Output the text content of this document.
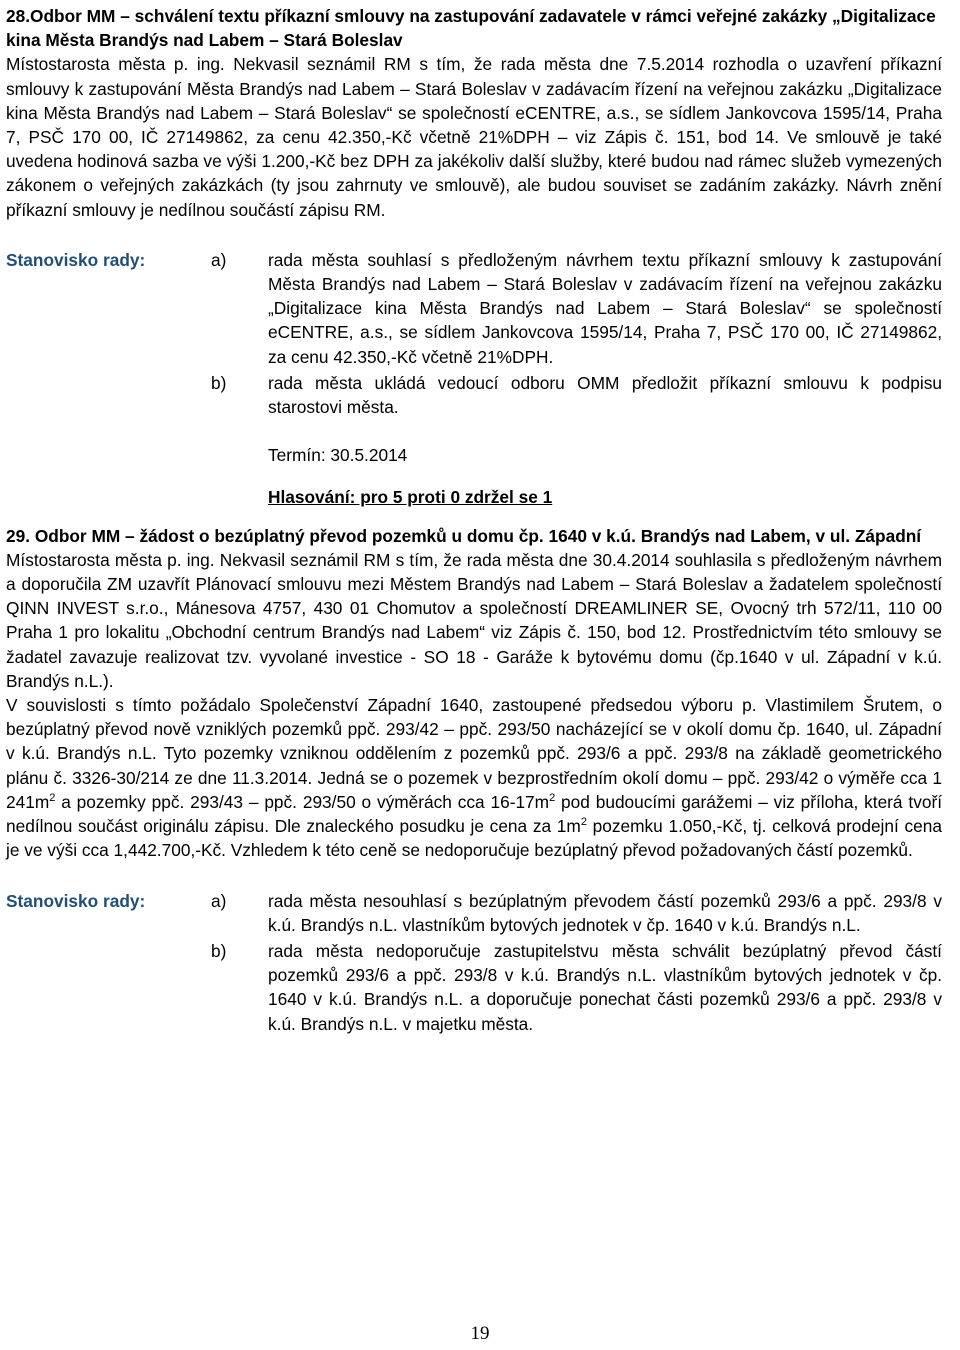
28.Odbor MM – schválení textu příkazní smlouvy na zastupování zadavatele v rámci veřejné zakázky „Digitalizace kina Města Brandýs nad Labem – Stará Boleslav

Místostarosta města p. ing. Nekvasil seznámil RM s tím, že rada města dne 7.5.2014 rozhodla o uzavření příkazní smlouvy k zastupování Města Brandýs nad Labem – Stará Boleslav v zadávacím řízení na veřejnou zakázku „Digitalizace kina Města Brandýs nad Labem – Stará Boleslav“ se společností eCENTRE, a.s., se sídlem Jankovcova 1595/14, Praha 7, PSČ 170 00, IČ 27149862, za cenu 42.350,-Kč včetně 21%DPH – viz Zápis č. 151, bod 14. Ve smlouvě je také uvedena hodinová sazba ve výši 1.200,-Kč bez DPH za jakékoliv další služby, které budou nad rámec služeb vymezených zákonem o veřejných zakázkách (ty jsou zahrnuty ve smlouvě), ale budou souviset se zadáním zakázky. Návrh znění příkazní smlouvy je nedílnou součástí zápisu RM.

Stanovisko rady:	a)	rada města souhlasí s předloženým návrhem textu příkazní smlouvy k zastupování Města Brandýs nad Labem – Stará Boleslav v zadávacím řízení na veřejnou zakázku „Digitalizace kina Města Brandýs nad Labem – Stará Boleslav“ se společností eCENTRE, a.s., se sídlem Jankovcova 1595/14, Praha 7, PSČ 170 00, IČ 27149862, za cenu 42.350,-Kč včetně 21%DPH.
b)	rada města ukládá vedoucí odboru OMM předložit příkazní smlouvu k podpisu starostovi města.
Termín: 30.5.2014
Hlasování: pro 5 proti 0 zdržel se 1

29. Odbor MM – žádost o bezúplatný převod pozemků u domu čp. 1640 v k.ú. Brandýs nad Labem, v ul. Západní

Místostarosta města p. ing. Nekvasil seznámil RM s tím, že rada města dne 30.4.2014 souhlasila s předloženým návrhem a doporučila ZM uzavřít Plánovací smlouvu mezi Městem Brandýs nad Labem – Stará Boleslav a žadatelem společností QINN INVEST s.r.o., Mánesova 4757, 430 01 Chomutov a společností DREAMLINER SE, Ovocný trh 572/11, 110 00 Praha 1 pro lokalitu „Obchodní centrum Brandýs nad Labem“ viz Zápis č. 150, bod 12. Prostřednictvím této smlouvy se žadatel zavazuje realizovat tzv. vyvolané investice - SO 18 - Garáže k bytovému domu (čp.1640 v ul. Západní v k.ú. Brandýs n.L.).

V souvislosti s tímto požádalo Společenství Západní 1640, zastoupené předsedou výboru p. Vlastimilem Šrutem, o bezúplatný převod nově vzniklých pozemků ppč. 293/42 – ppč. 293/50 nacházející se v okolí domu čp. 1640, ul. Západní v k.ú. Brandýs n.L. Tyto pozemky vzniknou oddělením z pozemků ppč. 293/6 a ppč. 293/8 na základě geometrického plánu č. 3326-30/214 ze dne 11.3.2014. Jedná se o pozemek v bezprostředním okolí domu – ppč. 293/42 o výměře cca 1 $241m^2$ a pozemky ppč. 293/43 – ppč. 293/50 o výměrách cca $16-17m^2$ pod budoucími garážemi – viz příloha, která tvoří nedílnou součást originálu zápisu. Dle znaleckého posudku je cena za $1m^2$ pozemku 1.050,-Kč, tj. celková prodejní cena je ve výši cca 1,442.700,-Kč. Vzhledem k této ceně se nedoporučuje bezúplatný převod požadovaných částí pozemků.

Stanovisko rady:	a)	rada města nesouhlasí s bezúplatným převodem částí pozemků 293/6 a ppč. 293/8 v k.ú. Brandýs n.L. vlastníkům bytových jednotek v čp. 1640 v k.ú. Brandýs n.L.
b)	rada města nedoporučuje zastupitelstvu města schválit bezúplatný převod částí pozemků 293/6 a ppč. 293/8 v k.ú. Brandýs n.L. vlastníkům bytových jednotek v čp. 1640 v k.ú. Brandýs n.L. a doporučuje ponechat části pozemků 293/6 a ppč. 293/8 v k.ú. Brandýs n.L. v majetku města.
19
